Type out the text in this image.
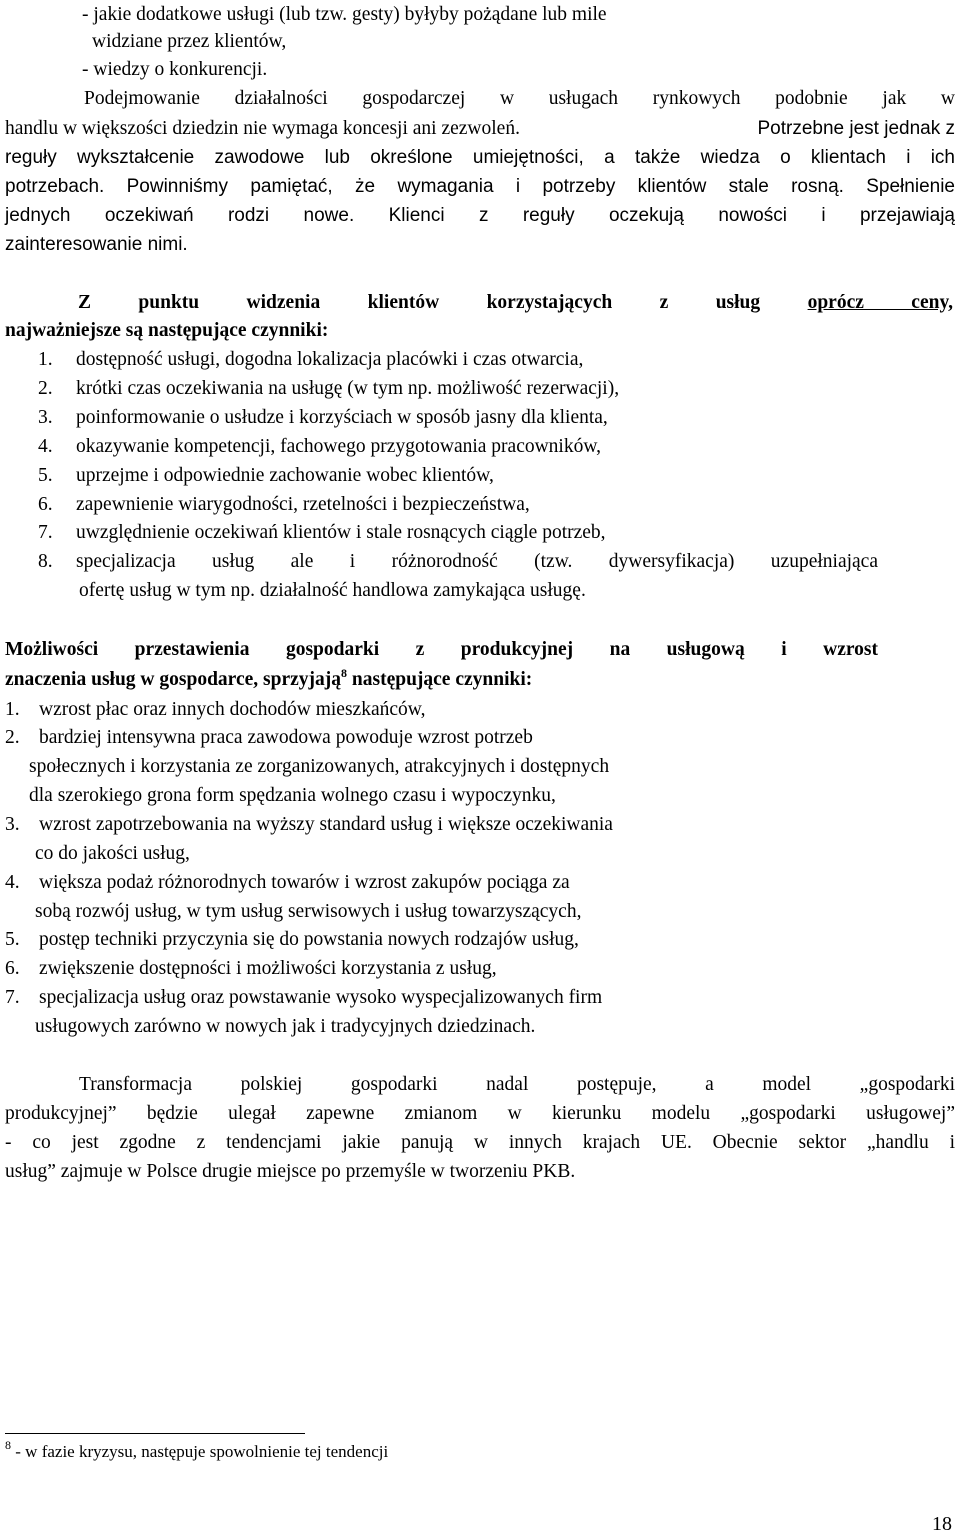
- jakie dodatkowe usługi (lub tzw. gesty) byłyby pożądane lub mile
widziane przez klientów,
- wiedzy o konkurencji.
Podejmowanie działalności gospodarczej w usługach rynkowych podobnie jak w
handlu w większości dziedzin nie wymaga koncesji ani zezwoleń.	Potrzebne jest jednak z
reguły wykształcenie zawodowe lub określone umiejętności, a także wiedza o klientach i ich
potrzebach. Powinniśmy pamiętać, że wymagania i potrzeby klientów stale rosną. Spełnienie
jednych oczekiwań rodzi nowe. Klienci z reguły oczekują nowości i przejawiają
zainteresowanie nimi.
Z punktu widzenia klientów korzystających z usług oprócz ceny,
najważniejsze są następujące czynniki:
1. dostępność usługi, dogodna lokalizacja placówki i czas otwarcia,
2. krótki czas oczekiwania na usługę (w tym np. możliwość rezerwacji),
3. poinformowanie o usłudze i korzyściach w sposób jasny dla klienta,
4. okazywanie kompetencji, fachowego przygotowania pracowników,
5. uprzejme i odpowiednie zachowanie wobec klientów,
6. zapewnienie wiarygodności, rzetelności i bezpieczeństwa,
7. uwzględnienie oczekiwań klientów i stale rosnących ciągle potrzeb,
8. specjalizacja usług ale i różnorodność (tzw. dywersyfikacja) uzupełniająca
ofertę usług w tym np. działalność handlowa zamykająca usługę.
Możliwości przestawienia gospodarki z produkcyjnej na usługową i wzrost
znaczenia usług w gospodarce, sprzyjają$^8$ następujące czynniki:
1. wzrost płac oraz innych dochodów mieszkańców,
2. bardziej intensywna praca zawodowa powoduje wzrost potrzeb
społecznych i korzystania ze zorganizowanych, atrakcyjnych i dostępnych
dla szerokiego grona form spędzania wolnego czasu i wypoczynku,
3. wzrost zapotrzebowania na wyższy standard usług i większe oczekiwania
co do jakości usług,
4. większa podaż różnorodnych towarów i wzrost zakupów pociąga za
sobą rozwój usług, w tym usług serwisowych i usług towarzyszących,
5. postęp techniki przyczynia się do powstania nowych rodzajów usług,
6. zwiększenie dostępności i możliwości korzystania z usług,
7. specjalizacja usług oraz powstawanie wysoko wyspecjalizowanych firm
usługowych zarówno w nowych jak i tradycyjnych dziedzinach.
Transformacja polskiej gospodarki nadal postępuje, a model „gospodarki
produkcyjnej” będzie ulegał zapewne zmianom w kierunku modelu „gospodarki usługowej”
- co jest zgodne z tendencjami jakie panują w innych krajach UE. Obecnie sektor „handlu i
usług” zajmuje w Polsce drugie miejsce po przemyśle w tworzeniu PKB.
$^8$ - w fazie kryzysu, następuje spowolnienie tej tendencji
18
